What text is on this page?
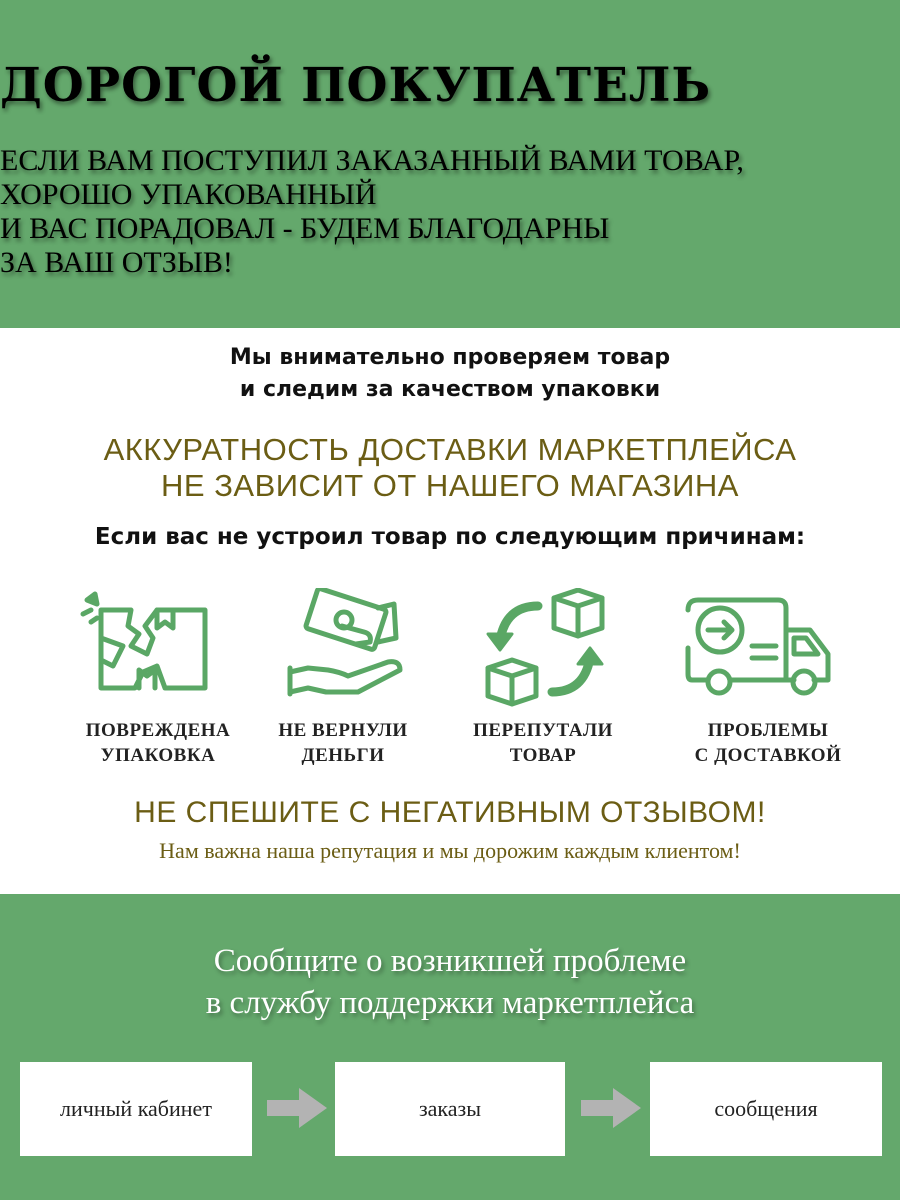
ДОРОГОЙ ПОКУПАТЕЛЬ
ЕСЛИ ВАМ ПОСТУПИЛ ЗАКАЗАННЫЙ ВАМИ ТОВАР,
ХОРОШО УПАКОВАННЫЙ
И ВАС ПОРАДОВАЛ - БУДЕМ БЛАГОДАРНЫ
ЗА ВАШ ОТЗЫВ!
Мы внимательно проверяем товар
и следим за качеством упаковки
АККУРАТНОСТЬ ДОСТАВКИ МАРКЕТПЛЕЙСА
НЕ ЗАВИСИТ ОТ НАШЕГО МАГАЗИНА
Если вас не устроил товар по следующим причинам:
ПОВРЕЖДЕНА
УПАКОВКА
НЕ ВЕРНУЛИ
ДЕНЬГИ
ПЕРЕПУТАЛИ
ТОВАР
ПРОБЛЕМЫ
С ДОСТАВКОЙ
НЕ СПЕШИТЕ С НЕГАТИВНЫМ ОТЗЫВОМ!
Нам важна наша репутация и мы дорожим каждым клиентом!
Сообщите о возникшей проблеме
в службу поддержки маркетплейса
личный кабинет	заказы	сообщения
